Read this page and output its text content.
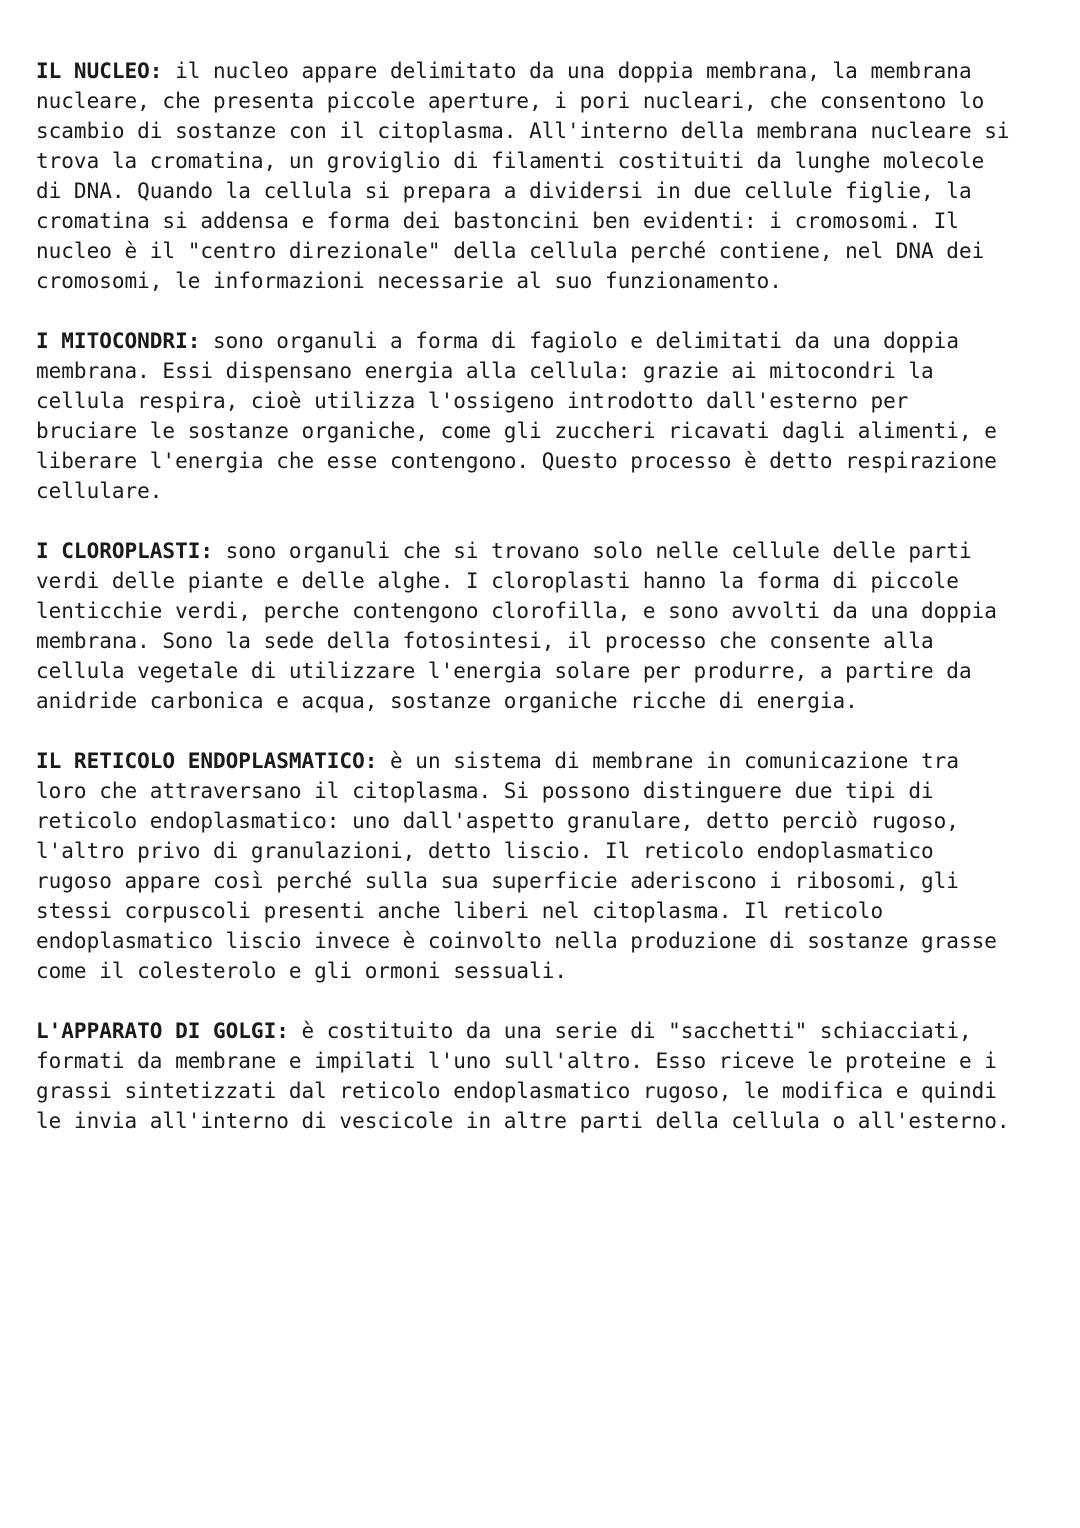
IL NUCLEO: il nucleo appare delimitato da una doppia membrana, la membrana
nucleare, che presenta piccole aperture, i pori nucleari, che consentono lo
scambio di sostanze con il citoplasma. All'interno della membrana nucleare si
trova la cromatina, un groviglio di filamenti costituiti da lunghe molecole
di DNA. Quando la cellula si prepara a dividersi in due cellule figlie, la
cromatina si addensa e forma dei bastoncini ben evidenti: i cromosomi. Il
nucleo è il "centro direzionale" della cellula perché contiene, nel DNA dei
cromosomi, le informazioni necessarie al suo funzionamento.

I MITOCONDRI: sono organuli a forma di fagiolo e delimitati da una doppia
membrana. Essi dispensano energia alla cellula: grazie ai mitocondri la
cellula respira, cioè utilizza l'ossigeno introdotto dall'esterno per
bruciare le sostanze organiche, come gli zuccheri ricavati dagli alimenti, e
liberare l'energia che esse contengono. Questo processo è detto respirazione
cellulare.

I CLOROPLASTI: sono organuli che si trovano solo nelle cellule delle parti
verdi delle piante e delle alghe. I cloroplasti hanno la forma di piccole
lenticchie verdi, perche contengono clorofilla, e sono avvolti da una doppia
membrana. Sono la sede della fotosintesi, il processo che consente alla
cellula vegetale di utilizzare l'energia solare per produrre, a partire da
anidride carbonica e acqua, sostanze organiche ricche di energia.

IL RETICOLO ENDOPLASMATICO: è un sistema di membrane in comunicazione tra
loro che attraversano il citoplasma. Si possono distinguere due tipi di
reticolo endoplasmatico: uno dall'aspetto granulare, detto perciò rugoso,
l'altro privo di granulazioni, detto liscio. Il reticolo endoplasmatico
rugoso appare così perché sulla sua superficie aderiscono i ribosomi, gli
stessi corpuscoli presenti anche liberi nel citoplasma. Il reticolo
endoplasmatico liscio invece è coinvolto nella produzione di sostanze grasse
come il colesterolo e gli ormoni sessuali.

L'APPARATO DI GOLGI: è costituito da una serie di "sacchetti" schiacciati,
formati da membrane e impilati l'uno sull'altro. Esso riceve le proteine e i
grassi sintetizzati dal reticolo endoplasmatico rugoso, le modifica e quindi
le invia all'interno di vescicole in altre parti della cellula o all'esterno.
